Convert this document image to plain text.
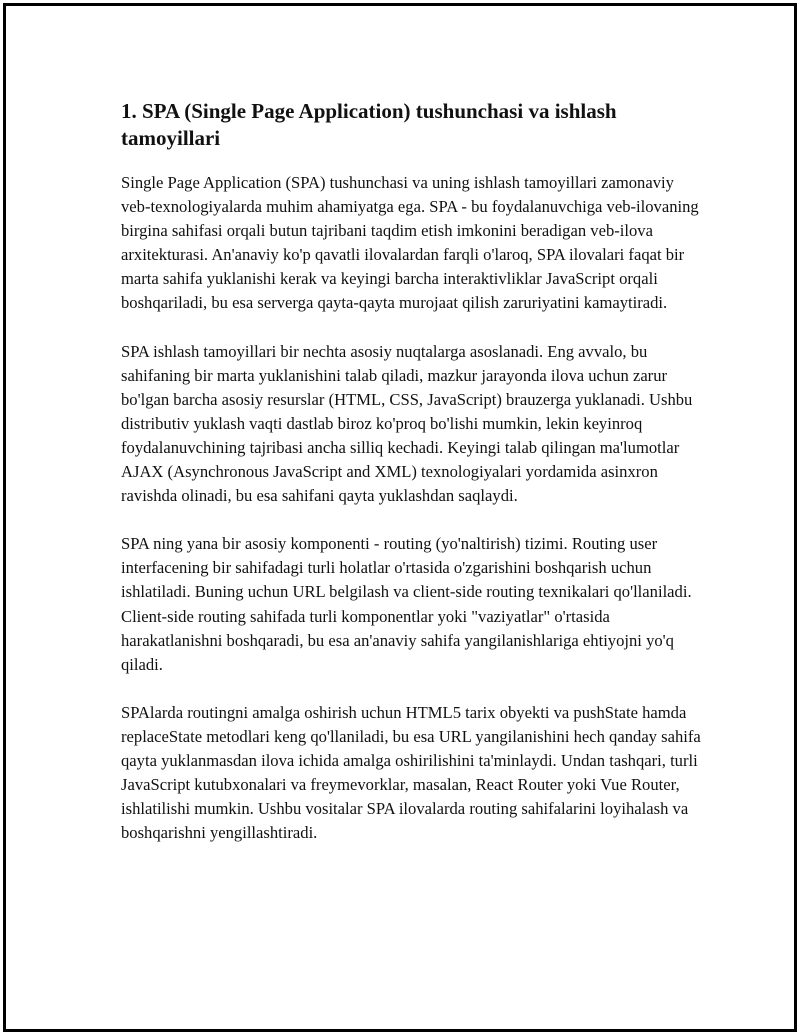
1. SPA (Single Page Application) tushunchasi va ishlash tamoyillari

Single Page Application (SPA) tushunchasi va uning ishlash tamoyillari zamonaviy veb-texnologiyalarda muhim ahamiyatga ega. SPA - bu foydalanuvchiga veb-ilovaning birgina sahifasi orqali butun tajribani taqdim etish imkonini beradigan veb-ilova arxitekturasi. An'anaviy ko'p qavatli ilovalardan farqli o'laroq, SPA ilovalari faqat bir marta sahifa yuklanishi kerak va keyingi barcha interaktivliklar JavaScript orqali boshqariladi, bu esa serverga qayta-qayta murojaat qilish zaruriyatini kamaytiradi.

SPA ishlash tamoyillari bir nechta asosiy nuqtalarga asoslanadi. Eng avvalo, bu sahifaning bir marta yuklanishini talab qiladi, mazkur jarayonda ilova uchun zarur bo'lgan barcha asosiy resurslar (HTML, CSS, JavaScript) brauzerga yuklanadi. Ushbu distributiv yuklash vaqti dastlab biroz ko'proq bo'lishi mumkin, lekin keyinroq foydalanuvchining tajribasi ancha silliq kechadi. Keyingi talab qilingan ma'lumotlar AJAX (Asynchronous JavaScript and XML) texnologiyalari yordamida asinxron ravishda olinadi, bu esa sahifani qayta yuklashdan saqlaydi.

SPA ning yana bir asosiy komponenti - routing (yo'naltirish) tizimi. Routing user interfacening bir sahifadagi turli holatlar o'rtasida o'zgarishini boshqarish uchun ishlatiladi. Buning uchun URL belgilash va client-side routing texnikalari qo'llaniladi. Client-side routing sahifada turli komponentlar yoki "vaziyatlar" o'rtasida harakatlanishni boshqaradi, bu esa an'anaviy sahifa yangilanishlariga ehtiyojni yo'q qiladi.

SPAlarda routingni amalga oshirish uchun HTML5 tarix obyekti va pushState hamda replaceState metodlari keng qo'llaniladi, bu esa URL yangilanishini hech qanday sahifa qayta yuklanmasdan ilova ichida amalga oshirilishini ta'minlaydi. Undan tashqari, turli JavaScript kutubxonalari va freymevorklar, masalan, React Router yoki Vue Router, ishlatilishi mumkin. Ushbu vositalar SPA ilovalarda routing sahifalarini loyihalash va boshqarishni yengillashtiradi.
